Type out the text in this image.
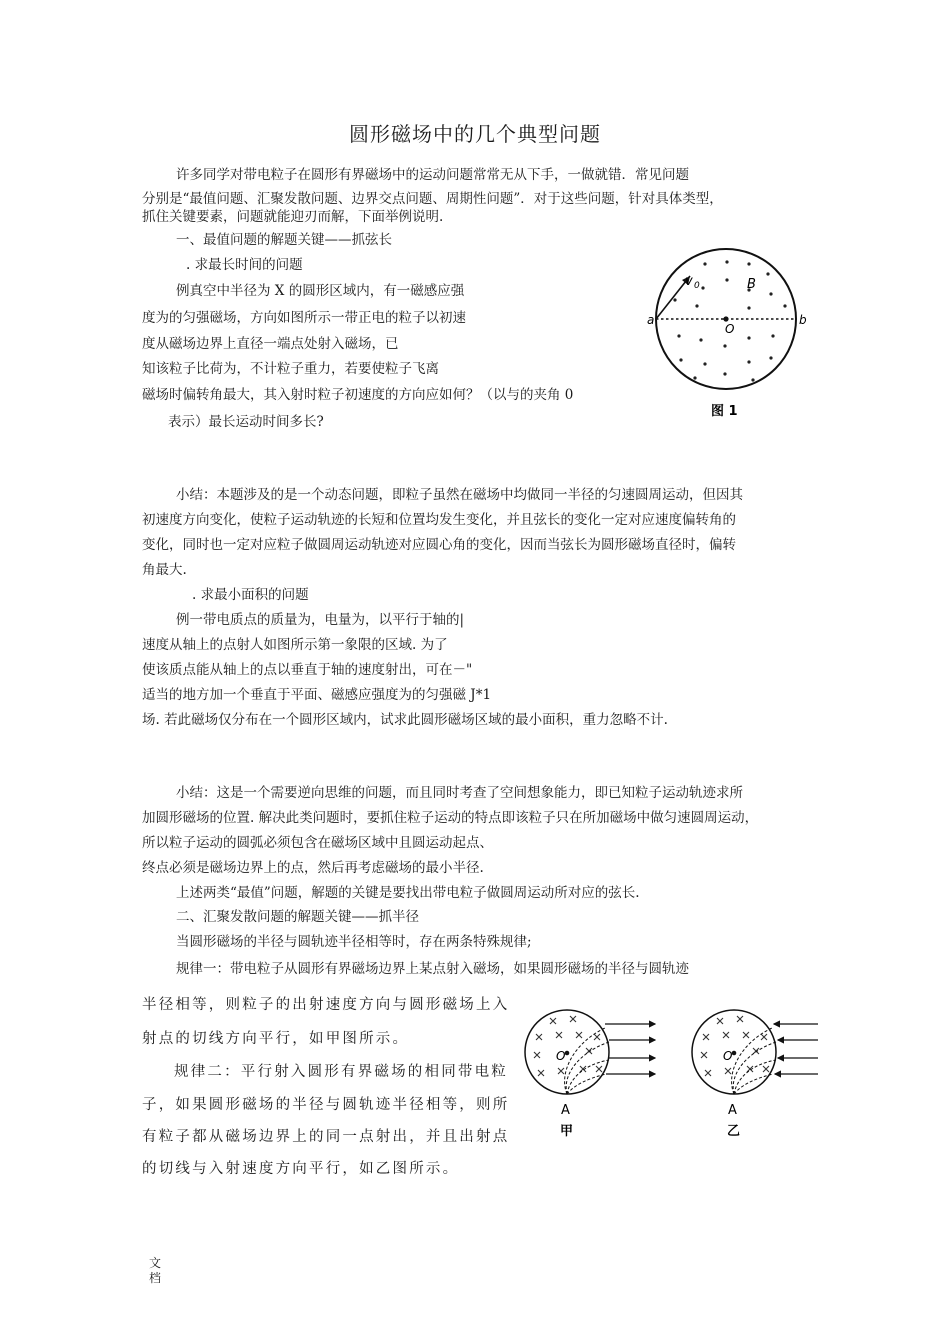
圆形磁场中的几个典型问题
许多同学对带电粒子在圆形有界磁场中的运动问题常常无从下手，一做就错．常见问题
分别是“最值问题、汇聚发散问题、边界交点问题、周期性问题”．对于这些问题，针对具体类型，
抓住关键要素，问题就能迎刃而解，下面举例说明.
一、最值问题的解题关键——抓弦长
. 求最长时间的问题
例真空中半径为 X 的圆形区域内，有一磁感应强
度为的匀强磁场，方向如图所示一带正电的粒子以初速
度从磁场边界上直径一端点处射入磁场，已
知该粒子比荷为，不计粒子重力，若要使粒子飞离
磁场时偏转角最大，其入射时粒子初速度的方向应如何？（以与的夹角 0
表示）最长运动时间多长?
v 0	B
a	b
O
图 1
小结：本题涉及的是一个动态问题，即粒子虽然在磁场中均做同一半径的匀速圆周运动，但因其
初速度方向变化，使粒子运动轨迹的长短和位置均发生变化，并且弦长的变化一定对应速度偏转角的
变化，同时也一定对应粒子做圆周运动轨迹对应圆心角的变化，因而当弦长为圆形磁场直径时，偏转
角最大.
. 求最小面积的问题
例一带电质点的质量为，电量为，以平行于轴的|
速度从轴上的点射人如图所示第一象限的区域. 为了
使该质点能从轴上的点以垂直于轴的速度射出，可在－"
适当的地方加一个垂直于平面、磁感应强度为的匀强磁 J*1
场. 若此磁场仅分布在一个圆形区域内，试求此圆形磁场区域的最小面积，重力忽略不计.
小结：这是一个需要逆向思维的问题，而且同时考查了空间想象能力，即已知粒子运动轨迹求所
加圆形磁场的位置. 解决此类问题时，要抓住粒子运动的特点即该粒子只在所加磁场中做匀速圆周运动，
所以粒子运动的圆弧必须包含在磁场区域中且圆运动起点、
终点必须是磁场边界上的点，然后再考虑磁场的最小半径.
上述两类“最值”问题，解题的关键是要找出带电粒子做圆周运动所对应的弦长.
二、汇聚发散问题的解题关键——抓半径
当圆形磁场的半径与圆轨迹半径相等时，存在两条特殊规律;
规律一：带电粒子从圆形有界磁场边界上某点射入磁场，如果圆形磁场的半径与圆轨迹
半径相等，则粒子的出射速度方向与圆形磁场上入
射点的切线方向平行，如甲图所示。
规律二：平行射入圆形有界磁场的相同带电粒
子，如果圆形磁场的半径与圆轨迹半径相等，则所
有粒子都从磁场边界上的同一点射出，并且出射点
的切线与入射速度方向平行，如乙图所示。
O
A
甲
O
A
乙
文
档
